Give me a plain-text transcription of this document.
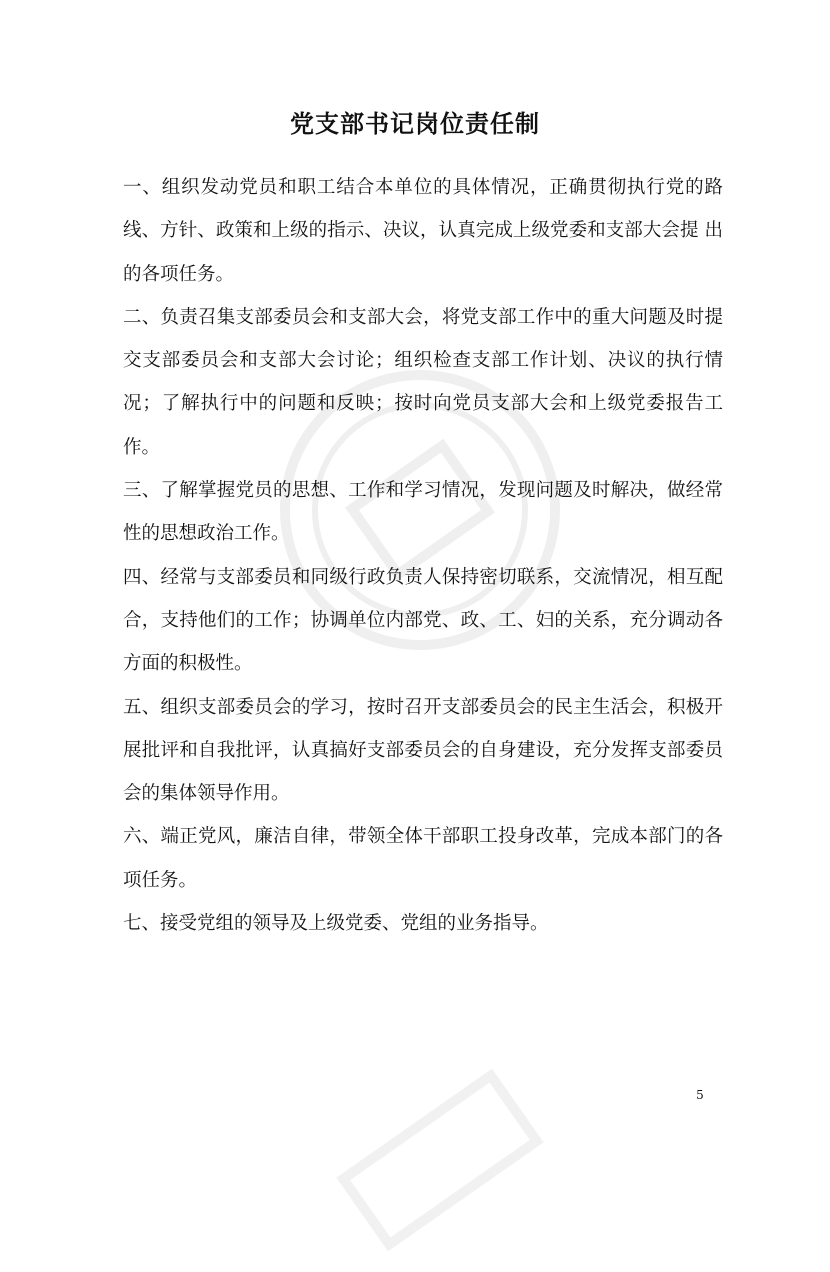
党支部书记岗位责任制

一、组织发动党员和职工结合本单位的具体情况，正确贯彻执行党的路线、方针、政策和上级的指示、决议，认真完成上级党委和支部大会提 出的各项任务。

二、负责召集支部委员会和支部大会，将党支部工作中的重大问题及时提交支部委员会和支部大会讨论；组织检查支部工作计划、决议的执行情况；了解执行中的问题和反映；按时向党员支部大会和上级党委报告工作。

三、了解掌握党员的思想、工作和学习情况，发现问题及时解决，做经常性的思想政治工作。

四、经常与支部委员和同级行政负责人保持密切联系，交流情况，相互配合，支持他们的工作；协调单位内部党、政、工、妇的关系，充分调动各方面的积极性。

五、组织支部委员会的学习，按时召开支部委员会的民主生活会，积极开展批评和自我批评，认真搞好支部委员会的自身建设，充分发挥支部委员会的集体领导作用。

六、端正党风，廉洁自律，带领全体干部职工投身改革，完成本部门的各项任务。

七、接受党组的领导及上级党委、党组的业务指导。

5
